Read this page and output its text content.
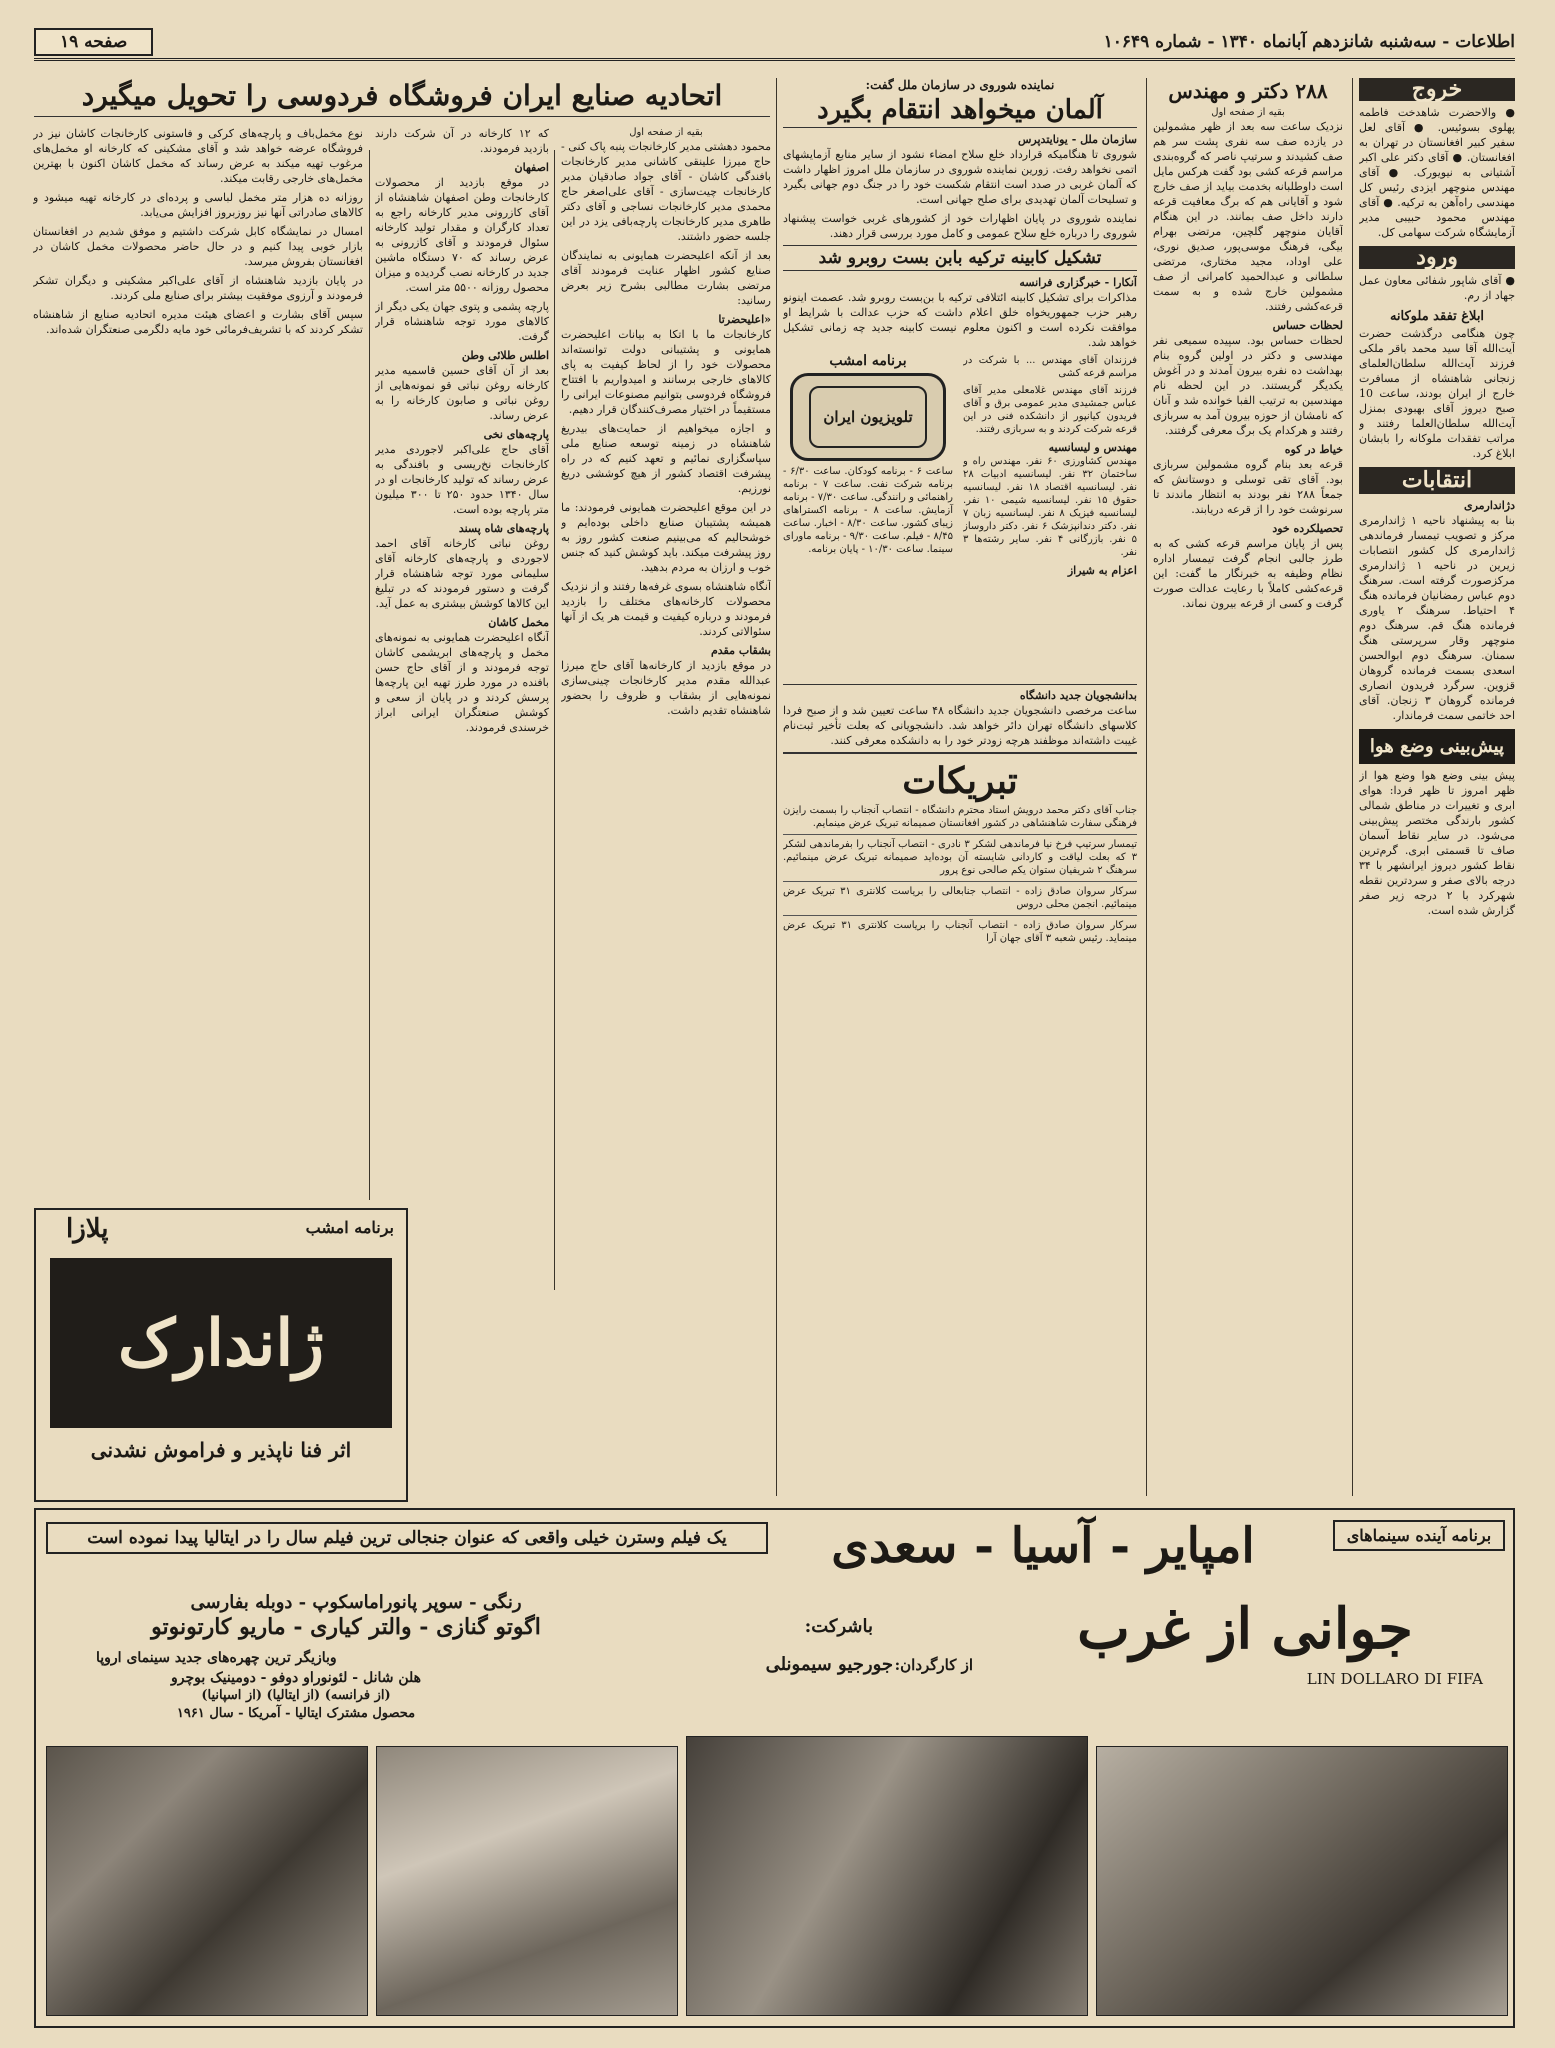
اطلاعات - سه‌شنبه شانزدهم آبانماه ۱۳۴۰ - شماره ۱۰۶۴۹
صفحه ۱۹
خروج

● والاحضرت شاهدخت فاطمه پهلوی بسوئیس. ● آقای لعل سفیر کبیر افغانستان در تهران به افغانستان. ● آقای دکتر علی اکبر آشتیانی به نیویورک. ● آقای مهندس منوچهر ایزدی رئیس کل مهندسی راه‌آهن به ترکیه. ● آقای مهندس محمود حبیبی مدیر آزمایشگاه شرکت سهامی کل.

ورود

● آقای شاپور شفائی معاون عمل جهاد از رم.

ابلاغ تفقد ملوکانه

چون هنگامی درگذشت حضرت آیت‌الله آقا سید محمد باقر ملکی فرزند آیت‌الله سلطان‌العلمای زنجانی شاهنشاه از مسافرت خارج از ایران بودند، ساعت 10 صبح دیروز آقای بهبودی بمنزل آیت‌الله سلطان‌العلما رفتند و مراتب تفقدات ملوکانه را بابشان ابلاغ کرد.

انتقابات
دژاندارمری

بنا به پیشنهاد ناحیه ۱ ژاندارمری مرکز و تصویب تیمسار فرماندهی ژاندارمری کل کشور انتصابات زیرین در ناحیه ۱ ژاندارمری مرکزصورت گرفته است. سرهنگ دوم عباس رمضانیان فرمانده هنگ ۴ احتیاط. سرهنگ ۲ یاوری فرمانده هنگ قم. سرهنگ دوم منوچهر وقار سرپرستی هنگ سمنان. سرهنگ دوم ابوالحسن اسعدی بسمت فرمانده گروهان قزوین. سرگرد فریدون انصاری فرمانده گروهان ۳ زنجان. آقای احد خاتمی سمت فرماندار.

پیش‌بینی وضع هوا

پیش بینی وضع هوا وضع هوا از ظهر امروز تا ظهر فردا: هوای ابری و تغییرات در مناطق شمالی کشور بارندگی مختصر پیش‌بینی می‌شود. در سایر نقاط آسمان صاف تا قسمتی ابری. گرم‌ترین نقاط کشور دیروز ایرانشهر با ۳۴ درجه بالای صفر و سردترین نقطه شهرکرد با ۲ درجه زیر صفر گزارش شده است.

۲۸۸ دکتر و مهندس
بقیه از صفحه اول

نزدیک ساعت سه بعد از ظهر مشمولین در یازده صف سه نفری پشت سر هم صف کشیدند و سرتیپ ناصر که گروه‌بندی مراسم قرعه کشی بود گفت هرکس مایل است داوطلبانه بخدمت بیاید از صف خارج شود و آقایانی هم که برگ معافیت قرعه دارند داخل صف بمانند. در این هنگام آقایان منوچهر گلچین، مرتضی بهرام بیگی، فرهنگ موسی‌پور، صدیق نوری، علی اوداد، مجید مختاری، مرتضی سلطانی و عبدالحمید کامرانی از صف مشمولین خارج شده و به سمت قرعه‌کشی رفتند.

لحظات حساس

لحظات حساس بود. سپیده سمیعی نفر مهندسی و دکتر در اولین گروه بنام بهداشت ده نفره بیرون آمدند و در آغوش یکدیگر گریستند. در این لحظه نام مهندسین به ترتیب الفبا خوانده شد و آنان که نامشان از حوزه بیرون آمد به سربازی رفتند و هرکدام یک برگ معرفی گرفتند.

خیاط در کوه

قرعه بعد بنام گروه مشمولین سربازی بود. آقای تقی توسلی و دوستانش که جمعاً ۲۸۸ نفر بودند به انتظار ماندند تا سرنوشت خود را از قرعه دریابند.

تحصیلکرده خود

پس از پایان مراسم قرعه کشی که به طرز جالبی انجام گرفت تیمسار اداره نظام وظیفه به خبرنگار ما گفت: این قرعه‌کشی کاملاً با رعایت عدالت صورت گرفت و کسی از قرعه بیرون نماند.

نماینده شوروی در سازمان ملل گفت:
آلمان میخواهد انتقام بگیرد
سازمان ملل - یونایتدپرس

شوروی تا هنگامیکه قرارداد خلع سلاح امضاء نشود از سایر منابع آزمایشهای اتمی نخواهد رفت. زورین نماینده شوروی در سازمان ملل امروز اظهار داشت که آلمان غربی در صدد است انتقام شکست خود را در جنگ دوم جهانی بگیرد و تسلیحات آلمان تهدیدی برای صلح جهانی است.

نماینده شوروی در پایان اظهارات خود از کشورهای غربی خواست پیشنهاد شوروی را درباره خلع سلاح عمومی و کامل مورد بررسی قرار دهند.

تشکیل کابینه ترکیه بابن بست روبرو شد
آنکارا - خبرگزاری فرانسه

مذاکرات برای تشکیل کابینه ائتلافی ترکیه با بن‌بست روبرو شد. عصمت اینونو رهبر حزب جمهوریخواه خلق اعلام داشت که حزب عدالت با شرایط او موافقت نکرده است و اکنون معلوم نیست کابینه جدید چه زمانی تشکیل خواهد شد.

برنامه امشب
تلویزیون ایران

ساعت ۶ - برنامه کودکان. ساعت ۶/۳۰ - برنامه شرکت نفت. ساعت ۷ - برنامه راهنمائی و رانندگی. ساعت ۷/۳۰ - برنامه آزمایش. ساعت ۸ - برنامه اکستراهای زیبای کشور. ساعت ۸/۳۰ - اخبار. ساعت ۸/۴۵ - فیلم. ساعت ۹/۳۰ - برنامه ماورای سینما. ساعت ۱۰/۳۰ - پایان برنامه.

فرزندان آقای مهندس ... با شرکت در مراسم قرعه کشی

فرزند آقای مهندس غلامعلی مدیر آقای عباس جمشیدی مدیر عمومی برق و آقای فریدون کیانپور از دانشکده فنی در این قرعه شرکت کردند و به سربازی رفتند.

مهندس و لیسانسیه

مهندس کشاورزی ۶۰ نفر. مهندس راه و ساختمان ۳۲ نفر. لیسانسیه ادبیات ۲۸ نفر. لیسانسیه اقتصاد ۱۸ نفر. لیسانسیه حقوق ۱۵ نفر. لیسانسیه شیمی ۱۰ نفر. لیسانسیه فیزیک ۸ نفر. لیسانسیه زبان ۷ نفر. دکتر دندانپزشک ۶ نفر. دکتر داروساز ۵ نفر. بازرگانی ۴ نفر. سایر رشته‌ها ۳ نفر.

اعزام به شیراز
بدانشجویان جدید دانشگاه

ساعت مرخصی دانشجویان جدید دانشگاه ۴۸ ساعت تعیین شد و از صبح فردا کلاسهای دانشگاه تهران دائر خواهد شد. دانشجویانی که بعلت تأخیر ثبت‌نام غیبت داشته‌اند موظفند هرچه زودتر خود را به دانشکده معرفی کنند.

تبریکات

جناب آقای دکتر محمد درویش استاد محترم دانشگاه - انتصاب آنجناب را بسمت رایزن فرهنگی سفارت شاهنشاهی در کشور افغانستان صمیمانه تبریک عرض مینمایم.

تیمسار سرتیپ فرخ نیا فرماندهی لشکر ۳ نادری - انتصاب آنجناب را بفرماندهی لشکر ۳ که بعلت لیاقت و کاردانی شایسته آن بوده‌اید صمیمانه تبریک عرض مینمائیم. سرهنگ ۲ شریفیان ستوان یکم صالحی نوع پرور

سرکار سروان صادق زاده - انتصاب جنابعالی را بریاست کلانتری ۳۱ تبریک عرض مینمائیم. انجمن محلی دروس

سرکار سروان صادق زاده - انتصاب آنجناب را بریاست کلانتری ۳۱ تبریک عرض مینماید. رئیس شعبه ۳ آقای جهان آرا

اتحادیه صنایع ایران فروشگاه فردوسی را تحویل میگیرد
بقیه از صفحه اول

محمود دهشتی مدیر کارخانجات پنبه پاک کنی - حاج میرزا علینقی کاشانی مدیر کارخانجات بافندگی کاشان - آقای جواد صادقیان مدیر کارخانجات چیت‌سازی - آقای علی‌اصغر حاج محمدی مدیر کارخانجات نساجی و آقای دکتر طاهری مدیر کارخانجات پارچه‌بافی یزد در این جلسه حضور داشتند.

بعد از آنکه اعلیحضرت همایونی به نمایندگان صنایع کشور اظهار عنایت فرمودند آقای مرتضی بشارت مطالبی بشرح زیر بعرض رسانید:

«اعلیحضرتا

کارخانجات ما با اتکا به بیانات اعلیحضرت همایونی و پشتیبانی دولت توانسته‌اند محصولات خود را از لحاظ کیفیت به پای کالاهای خارجی برسانند و امیدواریم با افتتاح فروشگاه فردوسی بتوانیم مصنوعات ایرانی را مستقیماً در اختیار مصرف‌کنندگان قرار دهیم.

و اجازه میخواهیم از حمایت‌های بیدریغ شاهنشاه در زمینه توسعه صنایع ملی سپاسگزاری نمائیم و تعهد کنیم که در راه پیشرفت اقتصاد کشور از هیچ کوششی دریغ نورزیم.

در این موقع اعلیحضرت همایونی فرمودند: ما همیشه پشتیبان صنایع داخلی بوده‌ایم و خوشحالیم که می‌بینیم صنعت کشور روز به روز پیشرفت میکند. باید کوشش کنید که جنس خوب و ارزان به مردم بدهید.

آنگاه شاهنشاه بسوی غرفه‌ها رفتند و از نزدیک محصولات کارخانه‌های مختلف را بازدید فرمودند و درباره کیفیت و قیمت هر یک از آنها سئوالاتی کردند.

بشقاب مقدم

در موقع بازدید از کارخانه‌ها آقای حاج میرزا عبدالله مقدم مدیر کارخانجات چینی‌سازی نمونه‌هایی از بشقاب و ظروف را بحضور شاهنشاه تقدیم داشت.

که ۱۲ کارخانه در آن شرکت دارند بازدید فرمودند.

اصفهان

در موقع بازدید از محصولات کارخانجات وطن اصفهان شاهنشاه از آقای کازرونی مدیر کارخانه راجع به تعداد کارگران و مقدار تولید کارخانه سئوال فرمودند و آقای کازرونی به عرض رساند که ۷۰ دستگاه ماشین جدید در کارخانه نصب گردیده و میزان محصول روزانه ۵۵۰۰ متر است.

پارچه پشمی و پتوی جهان یکی دیگر از کالاهای مورد توجه شاهنشاه قرار گرفت.

اطلس طلائی وطن

بعد از آن آقای حسین قاسمیه مدیر کارخانه روغن نباتی قو نمونه‌هایی از روغن نباتی و صابون کارخانه را به عرض رساند.

پارچه‌های نخی

آقای حاج علی‌اکبر لاجوردی مدیر کارخانجات نخ‌ریسی و بافندگی به عرض رساند که تولید کارخانجات او در سال ۱۳۴۰ حدود ۲۵۰ تا ۳۰۰ میلیون متر پارچه بوده است.

پارچه‌های شاه پسند

روغن نباتی کارخانه آقای احمد لاجوردی و پارچه‌های کارخانه آقای سلیمانی مورد توجه شاهنشاه قرار گرفت و دستور فرمودند که در تبلیغ این کالاها کوشش بیشتری به عمل آید.

مخمل کاشان

آنگاه اعلیحضرت همایونی به نمونه‌های مخمل و پارچه‌های ابریشمی کاشان توجه فرمودند و از آقای حاج حسن بافنده در مورد طرز تهیه این پارچه‌ها پرسش کردند و در پایان از سعی و کوشش صنعتگران ایرانی ابراز خرسندی فرمودند.

نوع مخمل‌باف و پارچه‌های کرکی و فاستونی کارخانجات کاشان نیز در فروشگاه عرضه خواهد شد و آقای مشکینی که کارخانه او مخمل‌های مرغوب تهیه میکند به عرض رساند که مخمل کاشان اکنون با بهترین مخمل‌های خارجی رقابت میکند.

روزانه ده هزار متر مخمل لباسی و پرده‌ای در کارخانه تهیه میشود و کالاهای صادراتی آنها نیز روزبروز افزایش می‌یابد.

امسال در نمایشگاه کابل شرکت داشتیم و موفق شدیم در افغانستان بازار خوبی پیدا کنیم و در حال حاضر محصولات مخمل کاشان در افغانستان بفروش میرسد.

در پایان بازدید شاهنشاه از آقای علی‌اکبر مشکینی و دیگران تشکر فرمودند و آرزوی موفقیت بیشتر برای صنایع ملی کردند.

سپس آقای بشارت و اعضای هیئت مدیره اتحادیه صنایع از شاهنشاه تشکر کردند که با تشریف‌فرمائی خود مایه دلگرمی صنعتگران شده‌اند.

برنامه امشب
پلازا
ژاندارک
اثر فنا ناپذیر و فراموش نشدنی
برنامه آینده سینماهای
امپایر - آسیا - سعدی
یک فیلم وسترن خیلی واقعی که عنوان جنجالی ترین فیلم سال را در ایتالیا پیدا نموده است
رنگی - سوپر پانوراماسکوپ - دوبله بفارسی	جوانی از غرب
باشرکت:
اگوتو گنازی - والتر کیاری - ماریو کارتونوتو
LIN DOLLARO DI FIFA
از کارگردان:
جورجیو سیمونلی
وبازیگر ترین چهره‌های جدید سینمای اروپا
هلن شانل - لئونوراو دوفو - دومینیک بوچرو
(از فرانسه) (از ایتالیا) (از اسپانیا)
محصول مشترک ایتالیا - آمریکا - سال ۱۹۶۱
